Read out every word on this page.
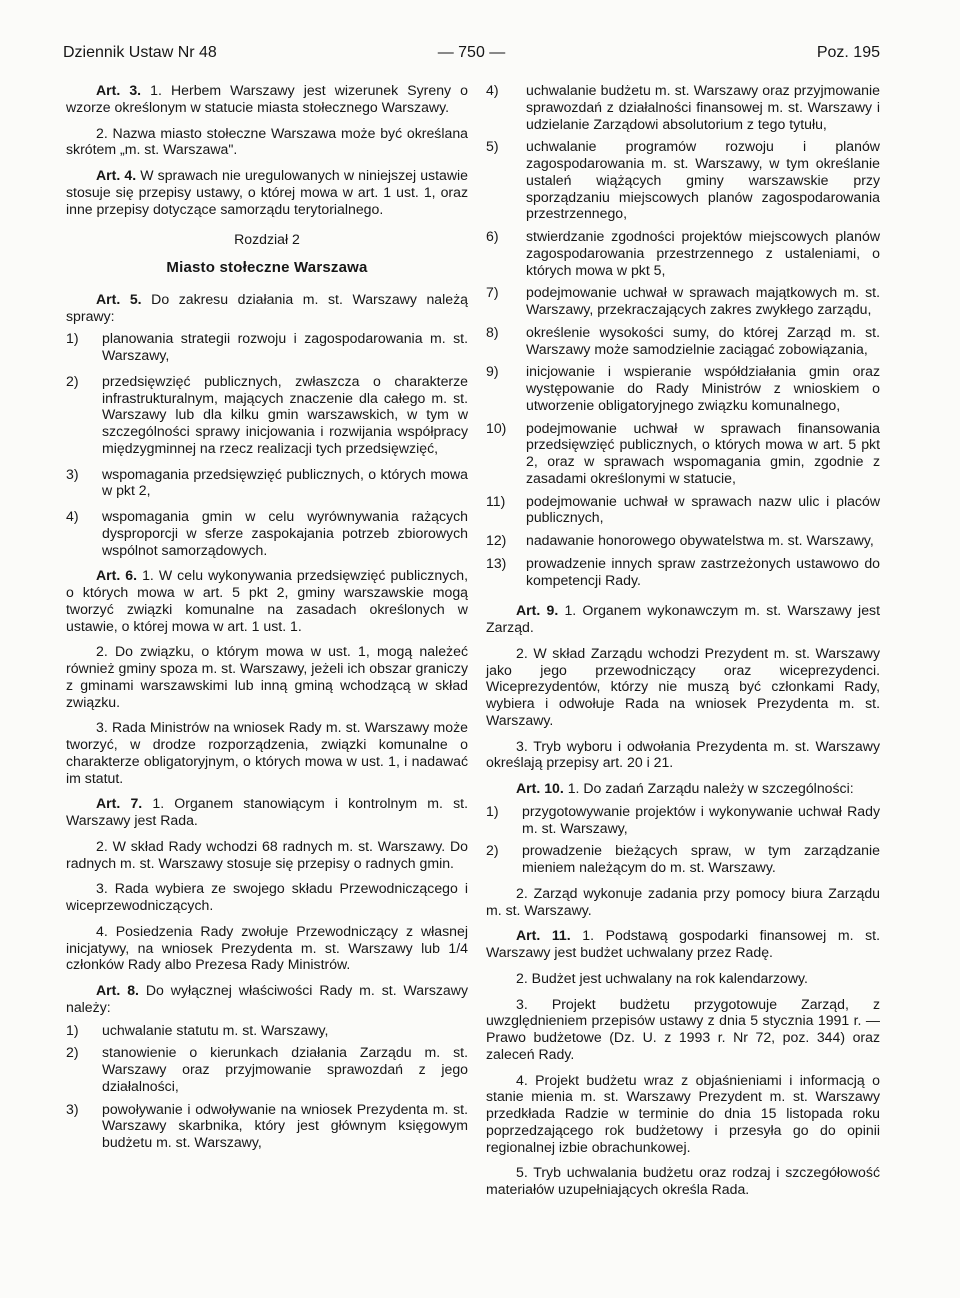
Dziennik Ustaw Nr 48	— 750 —	Poz. 195

Art. 3. 1. Herbem Warszawy jest wizerunek Syreny o wzorze określonym w statucie miasta stołecznego Warszawy.

2. Nazwa miasto stołeczne Warszawa może być określana skrótem „m. st. Warszawa".

Art. 4. W sprawach nie uregulowanych w niniejszej ustawie stosuje się przepisy ustawy, o której mowa w art. 1 ust. 1, oraz inne przepisy dotyczące samorządu terytorialnego.

Rozdział 2

Miasto stołeczne Warszawa

Art. 5. Do zakresu działania m. st. Warszawy należą sprawy:

1) planowania strategii rozwoju i zagospodarowania m. st. Warszawy,
2) przedsięwzięć publicznych, zwłaszcza o charakterze infrastrukturalnym, mających znaczenie dla całego m. st. Warszawy lub dla kilku gmin warszawskich, w tym w szczególności sprawy inicjowania i rozwijania współpracy międzygminnej na rzecz realizacji tych przedsięwzięć,
3) wspomagania przedsięwzięć publicznych, o których mowa w pkt 2,
4) wspomagania gmin w celu wyrównywania rażących dysproporcji w sferze zaspokajania potrzeb zbiorowych wspólnot samorządowych.

Art. 6. 1. W celu wykonywania przedsięwzięć publicznych, o których mowa w art. 5 pkt 2, gminy warszawskie mogą tworzyć związki komunalne na zasadach określonych w ustawie, o której mowa w art. 1 ust. 1.

2. Do związku, o którym mowa w ust. 1, mogą należeć również gminy spoza m. st. Warszawy, jeżeli ich obszar graniczy z gminami warszawskimi lub inną gminą wchodzącą w skład związku.

3. Rada Ministrów na wniosek Rady m. st. Warszawy może tworzyć, w drodze rozporządzenia, związki komunalne o charakterze obligatoryjnym, o których mowa w ust. 1, i nadawać im statut.

Art. 7. 1. Organem stanowiącym i kontrolnym m. st. Warszawy jest Rada.

2. W skład Rady wchodzi 68 radnych m. st. Warszawy. Do radnych m. st. Warszawy stosuje się przepisy o radnych gmin.

3. Rada wybiera ze swojego składu Przewodniczącego i wiceprzewodniczących.

4. Posiedzenia Rady zwołuje Przewodniczący z własnej inicjatywy, na wniosek Prezydenta m. st. Warszawy lub 1/4 członków Rady albo Prezesa Rady Ministrów.

Art. 8. Do wyłącznej właściwości Rady m. st. Warszawy należy:

1) uchwalanie statutu m. st. Warszawy,
2) stanowienie o kierunkach działania Zarządu m. st. Warszawy oraz przyjmowanie sprawozdań z jego działalności,
3) powoływanie i odwoływanie na wniosek Prezydenta m. st. Warszawy skarbnika, który jest głównym księgowym budżetu m. st. Warszawy,
4) uchwalanie budżetu m. st. Warszawy oraz przyjmowanie sprawozdań z działalności finansowej m. st. Warszawy i udzielanie Zarządowi absolutorium z tego tytułu,
5) uchwalanie programów rozwoju i planów zagospodarowania m. st. Warszawy, w tym określanie ustaleń wiążących gminy warszawskie przy sporządzaniu miejscowych planów zagospodarowania przestrzennego,
6) stwierdzanie zgodności projektów miejscowych planów zagospodarowania przestrzennego z ustaleniami, o których mowa w pkt 5,
7) podejmowanie uchwał w sprawach majątkowych m. st. Warszawy, przekraczających zakres zwykłego zarządu,
8) określenie wysokości sumy, do której Zarząd m. st. Warszawy może samodzielnie zaciągać zobowiązania,
9) inicjowanie i wspieranie współdziałania gmin oraz występowanie do Rady Ministrów z wnioskiem o utworzenie obligatoryjnego związku komunalnego,
10) podejmowanie uchwał w sprawach finansowania przedsięwzięć publicznych, o których mowa w art. 5 pkt 2, oraz w sprawach wspomagania gmin, zgodnie z zasadami określonymi w statucie,
11) podejmowanie uchwał w sprawach nazw ulic i placów publicznych,
12) nadawanie honorowego obywatelstwa m. st. Warszawy,
13) prowadzenie innych spraw zastrzeżonych ustawowo do kompetencji Rady.

Art. 9. 1. Organem wykonawczym m. st. Warszawy jest Zarząd.

2. W skład Zarządu wchodzi Prezydent m. st. Warszawy jako jego przewodniczący oraz wiceprezydenci. Wiceprezydentów, którzy nie muszą być członkami Rady, wybiera i odwołuje Rada na wniosek Prezydenta m. st. Warszawy.

3. Tryb wyboru i odwołania Prezydenta m. st. Warszawy określają przepisy art. 20 i 21.

Art. 10. 1. Do zadań Zarządu należy w szczególności:

1) przygotowywanie projektów i wykonywanie uchwał Rady m. st. Warszawy,
2) prowadzenie bieżących spraw, w tym zarządzanie mieniem należącym do m. st. Warszawy.

2. Zarząd wykonuje zadania przy pomocy biura Zarządu m. st. Warszawy.

Art. 11. 1. Podstawą gospodarki finansowej m. st. Warszawy jest budżet uchwalany przez Radę.

2. Budżet jest uchwalany na rok kalendarzowy.

3. Projekt budżetu przygotowuje Zarząd, z uwzględnieniem przepisów ustawy z dnia 5 stycznia 1991 r. — Prawo budżetowe (Dz. U. z 1993 r. Nr 72, poz. 344) oraz zaleceń Rady.

4. Projekt budżetu wraz z objaśnieniami i informacją o stanie mienia m. st. Warszawy Prezydent m. st. Warszawy przedkłada Radzie w terminie do dnia 15 listopada roku poprzedzającego rok budżetowy i przesyła go do opinii regionalnej izbie obrachunkowej.

5. Tryb uchwalania budżetu oraz rodzaj i szczegółowość materiałów uzupełniających określa Rada.
